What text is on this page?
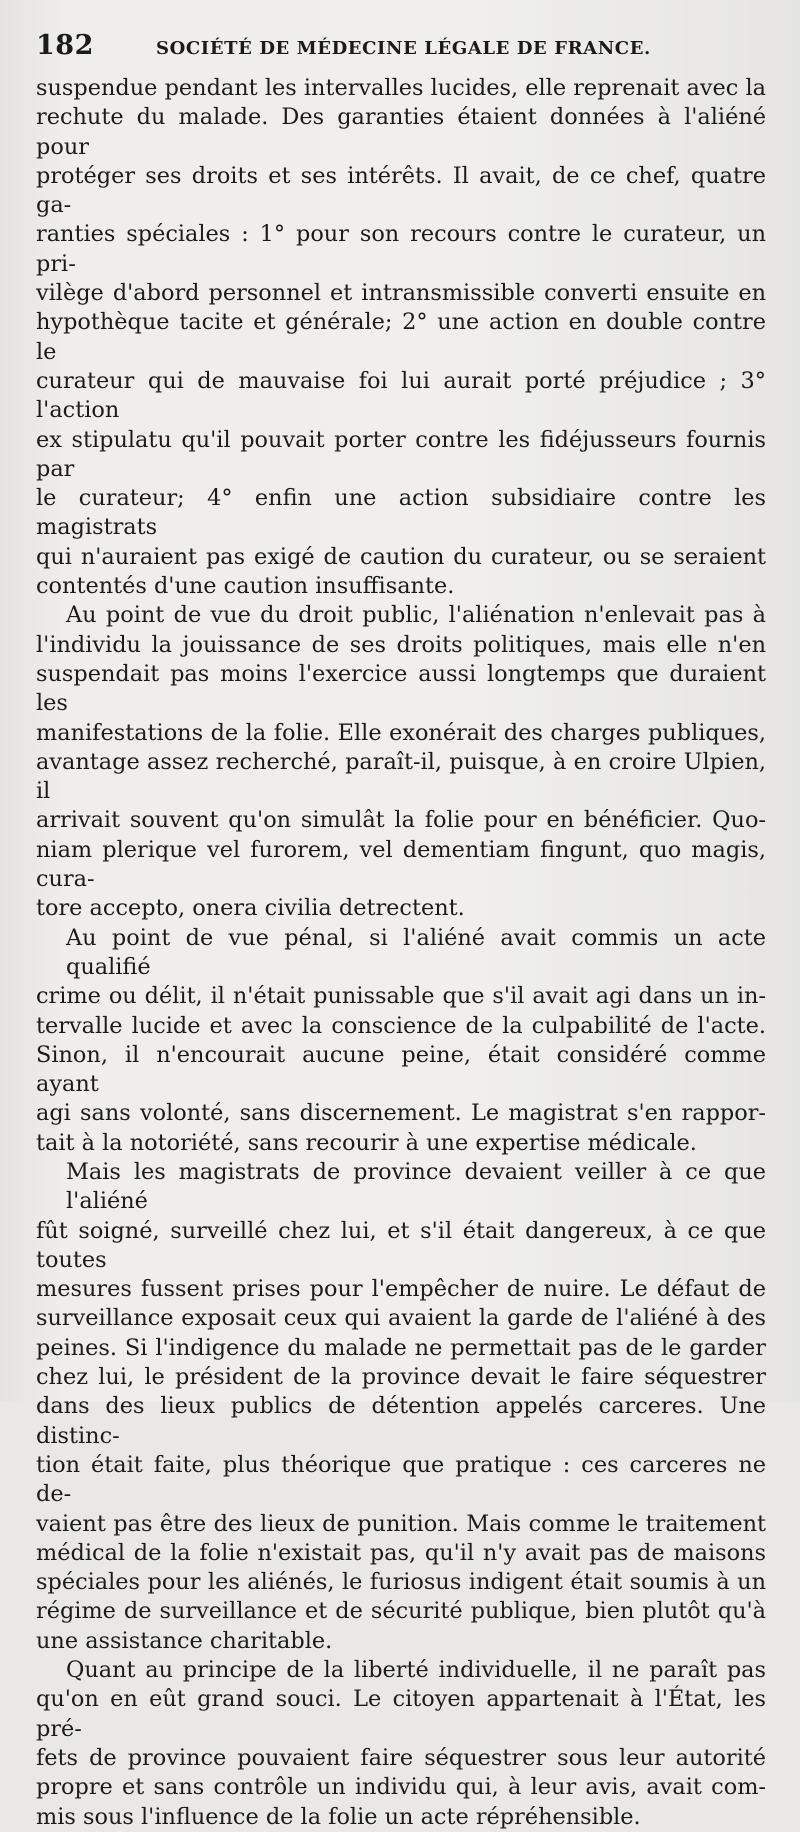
182	SOCIÉTÉ DE MÉDECINE LÉGALE DE FRANCE.

suspendue pendant les intervalles lucides, elle reprenait avec la
rechute du malade. Des garanties étaient données à l'aliéné pour
protéger ses droits et ses intérêts. Il avait, de ce chef, quatre ga-
ranties spéciales : 1° pour son recours contre le curateur, un pri-
vilège d'abord personnel et intransmissible converti ensuite en
hypothèque tacite et générale; 2° une action en double contre le
curateur qui de mauvaise foi lui aurait porté préjudice ; 3° l'action
ex stipulatu qu'il pouvait porter contre les fidéjusseurs fournis par
le curateur; 4° enfin une action subsidiaire contre les magistrats
qui n'auraient pas exigé de caution du curateur, ou se seraient
contentés d'une caution insuffisante.

Au point de vue du droit public, l'aliénation n'enlevait pas à
l'individu la jouissance de ses droits politiques, mais elle n'en
suspendait pas moins l'exercice aussi longtemps que duraient les
manifestations de la folie. Elle exonérait des charges publiques,
avantage assez recherché, paraît-il, puisque, à en croire Ulpien, il
arrivait souvent qu'on simulât la folie pour en bénéficier. Quo-
niam plerique vel furorem, vel dementiam fingunt, quo magis, cura-
tore accepto, onera civilia detrectent.

Au point de vue pénal, si l'aliéné avait commis un acte qualifié
crime ou délit, il n'était punissable que s'il avait agi dans un in-
tervalle lucide et avec la conscience de la culpabilité de l'acte.
Sinon, il n'encourait aucune peine, était considéré comme ayant
agi sans volonté, sans discernement. Le magistrat s'en rappor-
tait à la notoriété, sans recourir à une expertise médicale.

Mais les magistrats de province devaient veiller à ce que l'aliéné
fût soigné, surveillé chez lui, et s'il était dangereux, à ce que toutes
mesures fussent prises pour l'empêcher de nuire. Le défaut de
surveillance exposait ceux qui avaient la garde de l'aliéné à des
peines. Si l'indigence du malade ne permettait pas de le garder
chez lui, le président de la province devait le faire séquestrer
dans des lieux publics de détention appelés carceres. Une distinc-
tion était faite, plus théorique que pratique : ces carceres ne de-
vaient pas être des lieux de punition. Mais comme le traitement
médical de la folie n'existait pas, qu'il n'y avait pas de maisons
spéciales pour les aliénés, le furiosus indigent était soumis à un
régime de surveillance et de sécurité publique, bien plutôt qu'à
une assistance charitable.

Quant au principe de la liberté individuelle, il ne paraît pas
qu'on en eût grand souci. Le citoyen appartenait à l'État, les pré-
fets de province pouvaient faire séquestrer sous leur autorité
propre et sans contrôle un individu qui, à leur avis, avait com-
mis sous l'influence de la folie un acte répréhensible.
